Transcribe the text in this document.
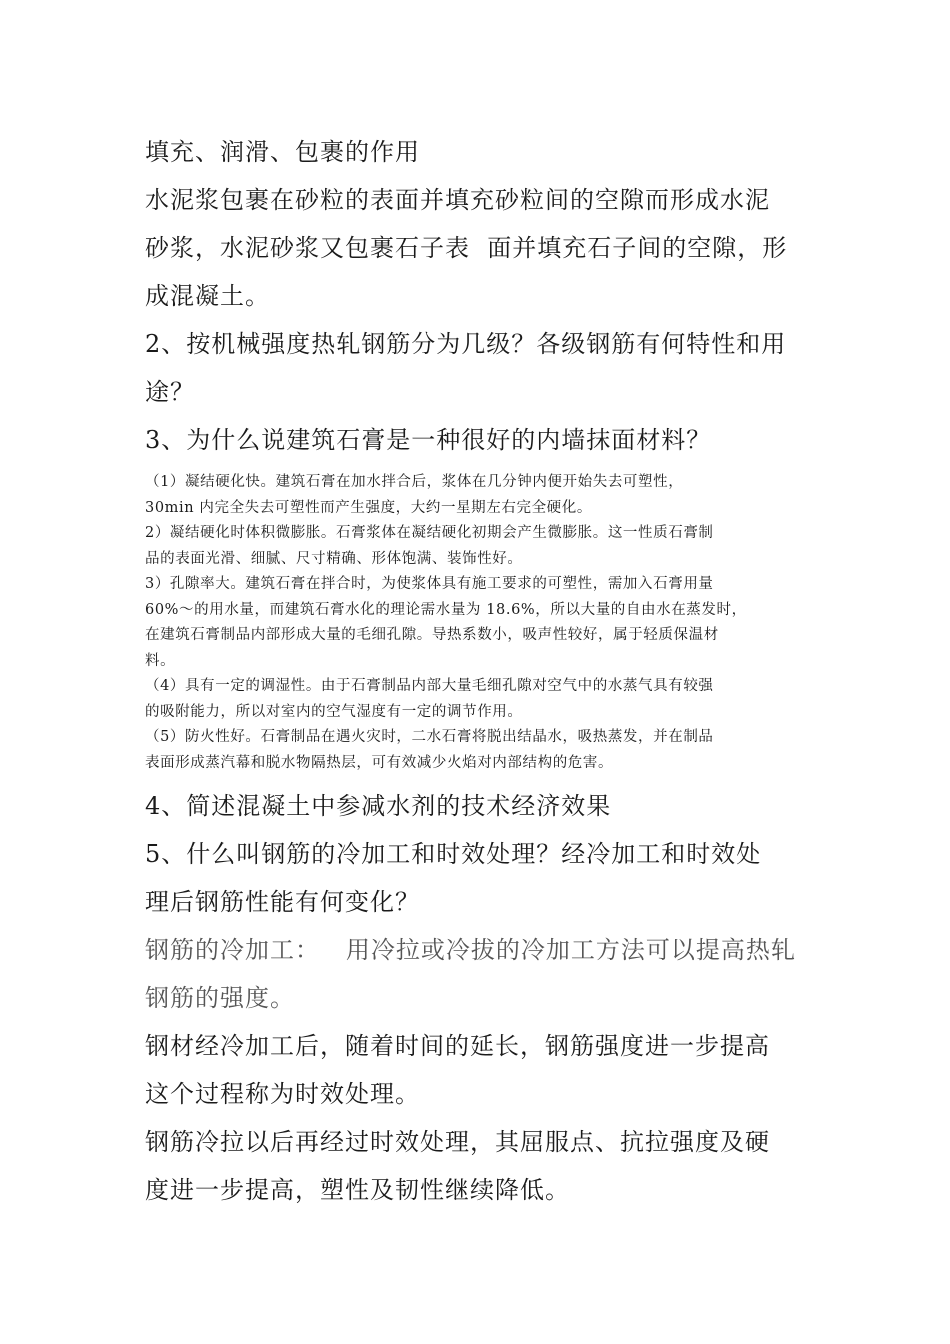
填充、润滑、包裹的作用

水泥浆包裹在砂粒的表面并填充砂粒间的空隙而形成水泥

砂浆，水泥砂浆又包裹石子表  面并填充石子间的空隙，形

成混凝土。

2、按机械强度热轧钢筋分为几级？各级钢筋有何特性和用

途？

3、为什么说建筑石膏是一种很好的内墙抹面材料？

（1）凝结硬化快。建筑石膏在加水拌合后，浆体在几分钟内便开始失去可塑性，
30min 内完全失去可塑性而产生强度，大约一星期左右完全硬化。
2）凝结硬化时体积微膨胀。石膏浆体在凝结硬化初期会产生微膨胀。这一性质石膏制
品的表面光滑、细腻、尺寸精确、形体饱满、装饰性好。
3）孔隙率大。建筑石膏在拌合时，为使浆体具有施工要求的可塑性，需加入石膏用量
60%～的用水量，而建筑石膏水化的理论需水量为 18.6%，所以大量的自由水在蒸发时，
在建筑石膏制品内部形成大量的毛细孔隙。导热系数小，吸声性较好，属于轻质保温材
料。
（4）具有一定的调湿性。由于石膏制品内部大量毛细孔隙对空气中的水蒸气具有较强
的吸附能力，所以对室内的空气湿度有一定的调节作用。
（5）防火性好。石膏制品在遇火灾时，二水石膏将脱出结晶水，吸热蒸发，并在制品
表面形成蒸汽幕和脱水物隔热层，可有效减少火焰对内部结构的危害。

4、简述混凝土中参减水剂的技术经济效果

5、什么叫钢筋的冷加工和时效处理？经冷加工和时效处

理后钢筋性能有何变化？

钢筋的冷加工：   用冷拉或冷拔的冷加工方法可以提高热轧

钢筋的强度。

钢材经冷加工后，随着时间的延长，钢筋强度进一步提高

这个过程称为时效处理。

钢筋冷拉以后再经过时效处理，其屈服点、抗拉强度及硬

度进一步提高，塑性及韧性继续降低。
